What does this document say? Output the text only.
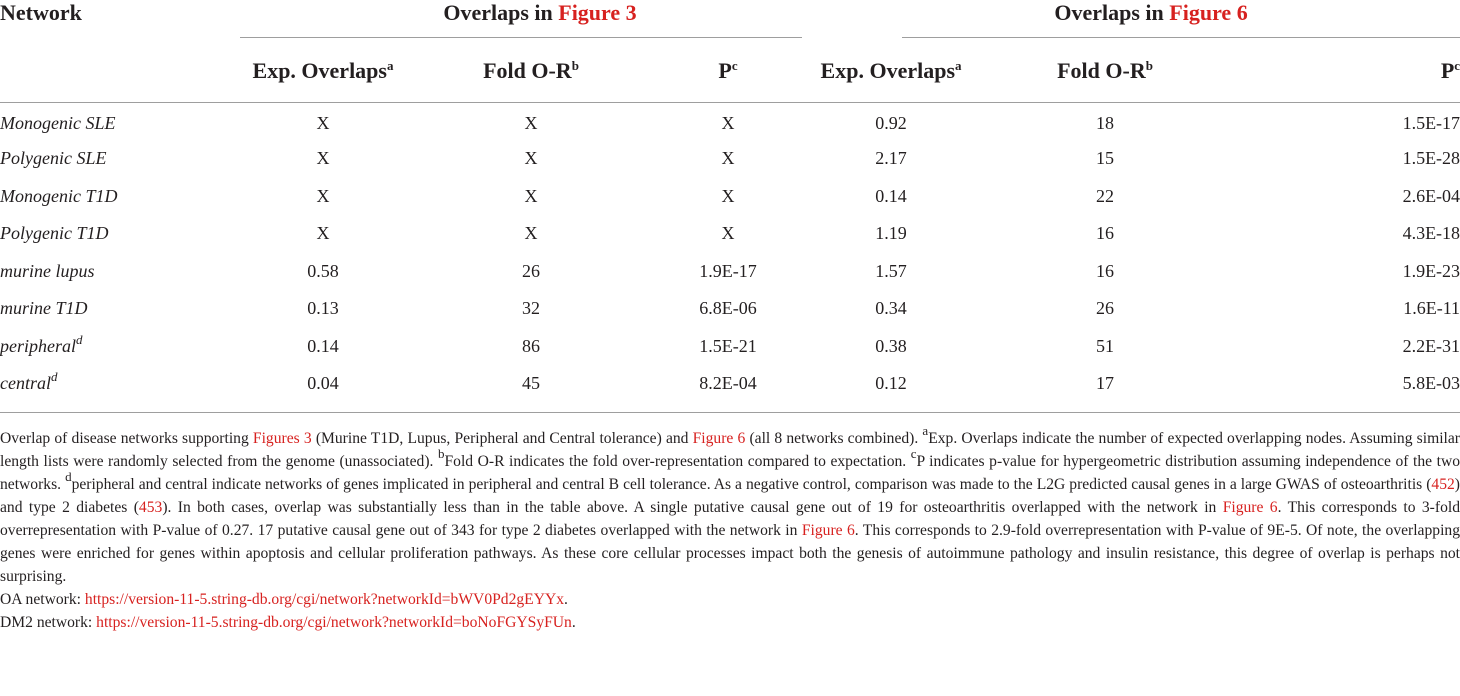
Network	Overlaps in Figure 3			Overlaps in Figure 6		

	Exp. Overlaps$^a$	Fold $O-R^b$	$P^c$	Exp. Overlaps$^a$	Fold $O-R^b$	$P^c$
Monogenic SLE	X	X	X	0.92	18	1.5E-17
Polygenic SLE	X	X	X	2.17	15	1.5E-28
Monogenic T1D	X	X	X	0.14	22	2.6E-04
Polygenic T1D	X	X	X	1.19	16	4.3E-18
murine lupus	0.58	26	1.9E-17	1.57	16	1.9E-23
murine T1D	0.13	32	6.8E-06	0.34	26	1.6E-11
peripheral$^d$	0.14	86	1.5E-21	0.38	51	2.2E-31
central$^d$	0.04	45	8.2E-04	0.12	17	5.8E-03

Overlap of disease networks supporting Figures 3 (Murine T1D, Lupus, Peripheral and Central tolerance) and Figure 6 (all 8 networks combined). $^a$Exp. Overlaps indicate the number of expected overlapping nodes. Assuming similar length lists were randomly selected from the genome (unassociated). $^b$Fold O-R indicates the fold over-representation compared to expectation. $^c$P indicates p-value for hypergeometric distribution assuming independence of the two networks. $^d$peripheral and central indicate networks of genes implicated in peripheral and central B cell tolerance. As a negative control, comparison was made to the L2G predicted causal genes in a large GWAS of osteoarthritis (452) and type 2 diabetes (453). In both cases, overlap was substantially less than in the table above. A single putative causal gene out of 19 for osteoarthritis overlapped with the network in Figure 6. This corresponds to 3-fold overrepresentation with P-value of 0.27. 17 putative causal gene out of 343 for type 2 diabetes overlapped with the network in Figure 6. This corresponds to 2.9-fold overrepresentation with P-value of 9E-5. Of note, the overlapping genes were enriched for genes within apoptosis and cellular proliferation pathways. As these core cellular processes impact both the genesis of autoimmune pathology and insulin resistance, this degree of overlap is perhaps not surprising.

OA network: https://version-11-5.string-db.org/cgi/network?networkId=bWV0Pd2gEYYx.

DM2 network: https://version-11-5.string-db.org/cgi/network?networkId=boNoFGYSyFUn.
